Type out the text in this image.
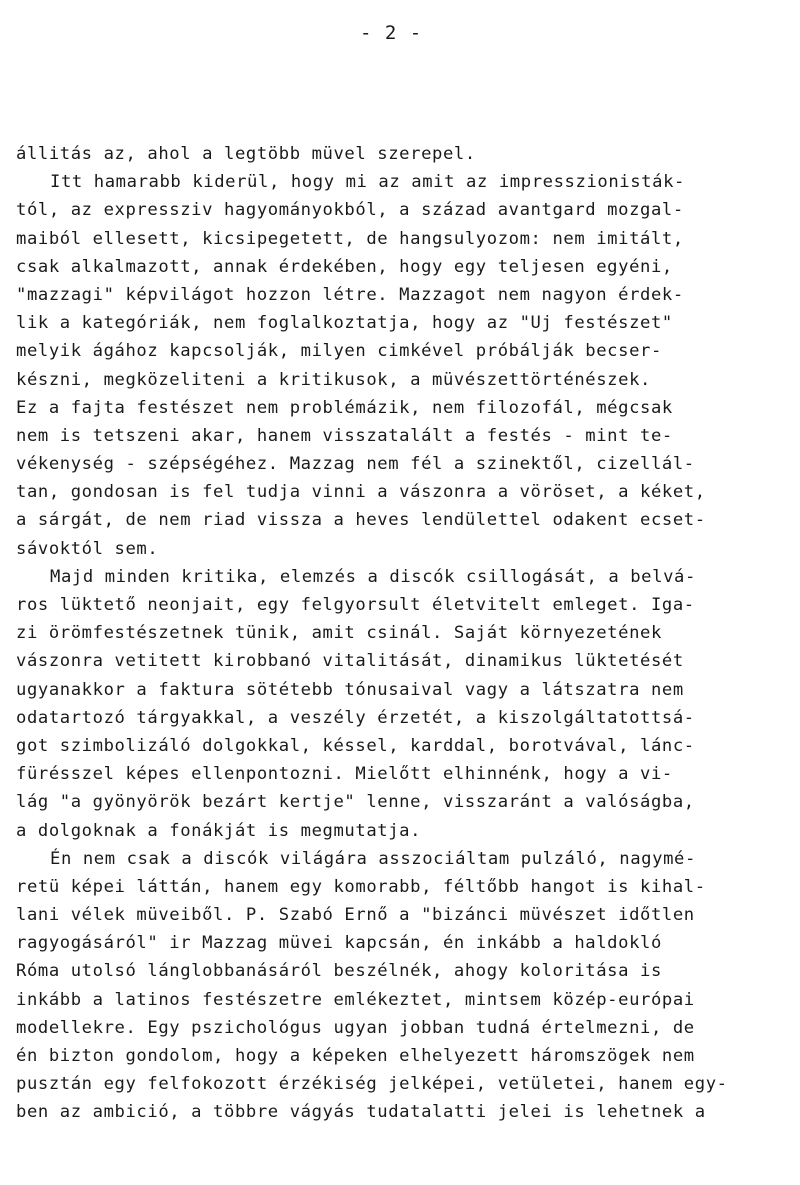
- 2 -
állitás az, ahol a legtöbb müvel szerepel.
Itt hamarabb kiderül, hogy mi az amit az impresszionisták-
tól, az expressziv hagyományokból, a század avantgard mozgal-
maiból ellesett, kicsipegetett, de hangsulyozom: nem imitált,
csak alkalmazott, annak érdekében, hogy egy teljesen egyéni,
"mazzagi" képvilágot hozzon létre. Mazzagot nem nagyon érdek-
lik a kategóriák, nem foglalkoztatja, hogy az "Uj festészet"
melyik ágához kapcsolják, milyen cimkével próbálják becser-
készni, megközeliteni a kritikusok, a müvészettörténészek.
Ez a fajta festészet nem problémázik, nem filozofál, mégcsak
nem is tetszeni akar, hanem visszatalált a festés - mint te-
vékenység - szépségéhez. Mazzag nem fél a szinektől, cizellál-
tan, gondosan is fel tudja vinni a vászonra a vöröset, a kéket,
a sárgát, de nem riad vissza a heves lendülettel odakent ecset-
sávoktól sem.
Majd minden kritika, elemzés a discók csillogását, a belvá-
ros lüktető neonjait, egy felgyorsult életvitelt emleget. Iga-
zi örömfestészetnek tünik, amit csinál. Saját környezetének
vászonra vetitett kirobbanó vitalitását, dinamikus lüktetését
ugyanakkor a faktura sötétebb tónusaival vagy a látszatra nem
odatartozó tárgyakkal, a veszély érzetét, a kiszolgáltatottsá-
got szimbolizáló dolgokkal, késsel, karddal, borotvával, lánc-
fürésszel képes ellenpontozni. Mielőtt elhinnénk, hogy a vi-
lág "a gyönyörök bezárt kertje" lenne, visszaránt a valóságba,
a dolgoknak a fonákját is megmutatja.
Én nem csak a discók világára asszociáltam pulzáló, nagymé-
retü képei láttán, hanem egy komorabb, féltőbb hangot is kihal-
lani vélek müveiből. P. Szabó Ernő a "bizánci müvészet időtlen
ragyogásáról" ir Mazzag müvei kapcsán, én inkább a haldokló
Róma utolsó lánglobbanásáról beszélnék, ahogy koloritása is
inkább a latinos festészetre emlékeztet, mintsem közép-európai
modellekre. Egy pszichológus ugyan jobban tudná értelmezni, de
én bizton gondolom, hogy a képeken elhelyezett háromszögek nem
pusztán egy felfokozott érzékiség jelképei, vetületei, hanem egy-
ben az ambició, a többre vágyás tudatalatti jelei is lehetnek a
